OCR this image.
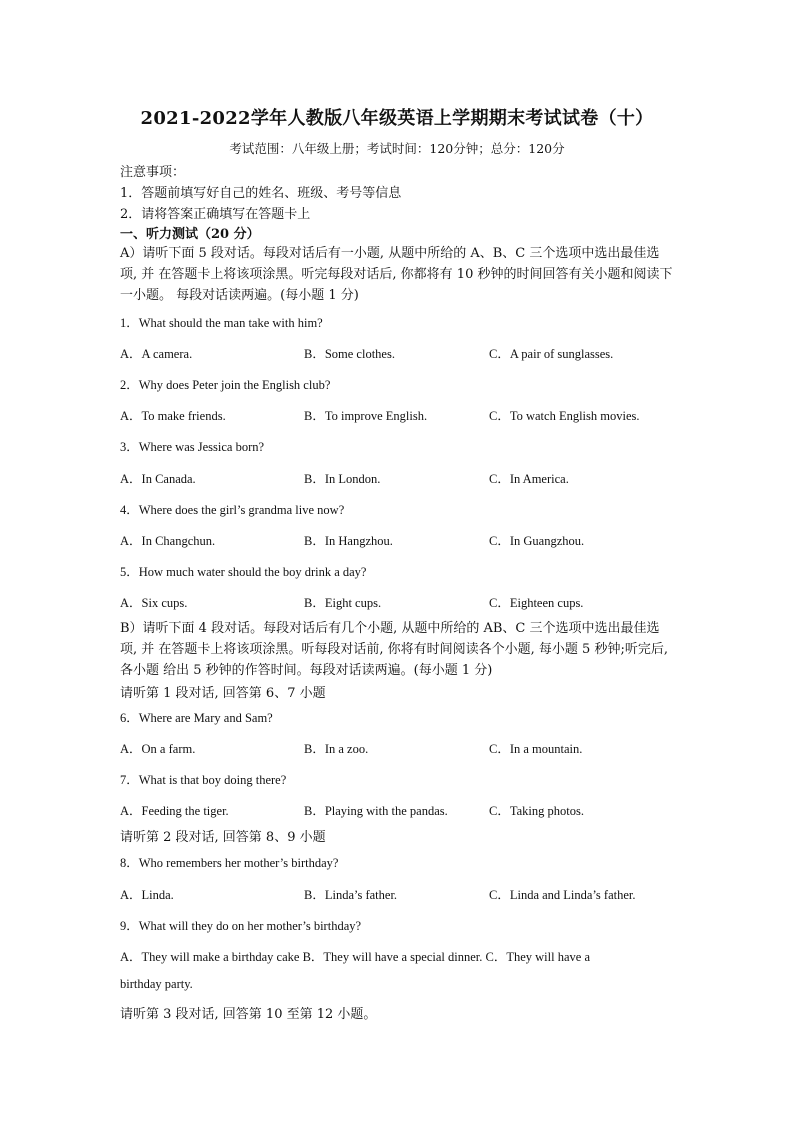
2021-2022学年人教版八年级英语上学期期末考试试卷（十）
考试范围：八年级上册；考试时间：120分钟；总分：120分
注意事项：
1．答题前填写好自己的姓名、班级、考号等信息
2．请将答案正确填写在答题卡上
一、听力测试（20 分）
A）请听下面 5 段对话。每段对话后有一小题, 从题中所给的 A、B、C 三个选项中选出最佳选项, 并 在答题卡上将该项涂黑。听完每段对话后, 你都将有 10 秒钟的时间回答有关小题和阅读下一小题。 每段对话读两遍。(每小题 1 分)
1．What should the man take with him?
A．A camera.	B．Some clothes.	C．A pair of sunglasses.
2．Why does Peter join the English club?
A．To make friends.	B．To improve English.	C．To watch English movies.
3．Where was Jessica born?
A．In Canada.	B．In London.	C．In America.
4．Where does the girl’s grandma live now?
A．In Changchun.	B．In Hangzhou.	C．In Guangzhou.
5．How much water should the boy drink a day?
A．Six cups.	B．Eight cups.	C．Eighteen cups.
B）请听下面 4 段对话。每段对话后有几个小题, 从题中所给的 AB、C 三个选项中选出最佳选项, 并 在答题卡上将该项涂黑。听每段对话前, 你将有时间阅读各个小题, 每小题 5 秒钟;听完后, 各小题 给出 5 秒钟的作答时间。每段对话读两遍。(每小题 1 分)
请听第 1 段对话, 回答第 6、7 小题
6．Where are Mary and Sam?
A．On a farm.	B．In a zoo.	C．In a mountain.
7．What is that boy doing there?
A．Feeding the tiger.	B．Playing with the pandas.	C．Taking photos.
请听第 2 段对话, 回答第 8、9 小题
8．Who remembers her mother’s birthday?
A．Linda.	B．Linda’s father.	C．Linda and Linda’s father.
9．What will they do on her mother’s birthday?
A．They will make a birthday cake B．They will have a special dinner. C．They will have a
birthday party.
请听第 3 段对话, 回答第 10 至第 12 小题。
